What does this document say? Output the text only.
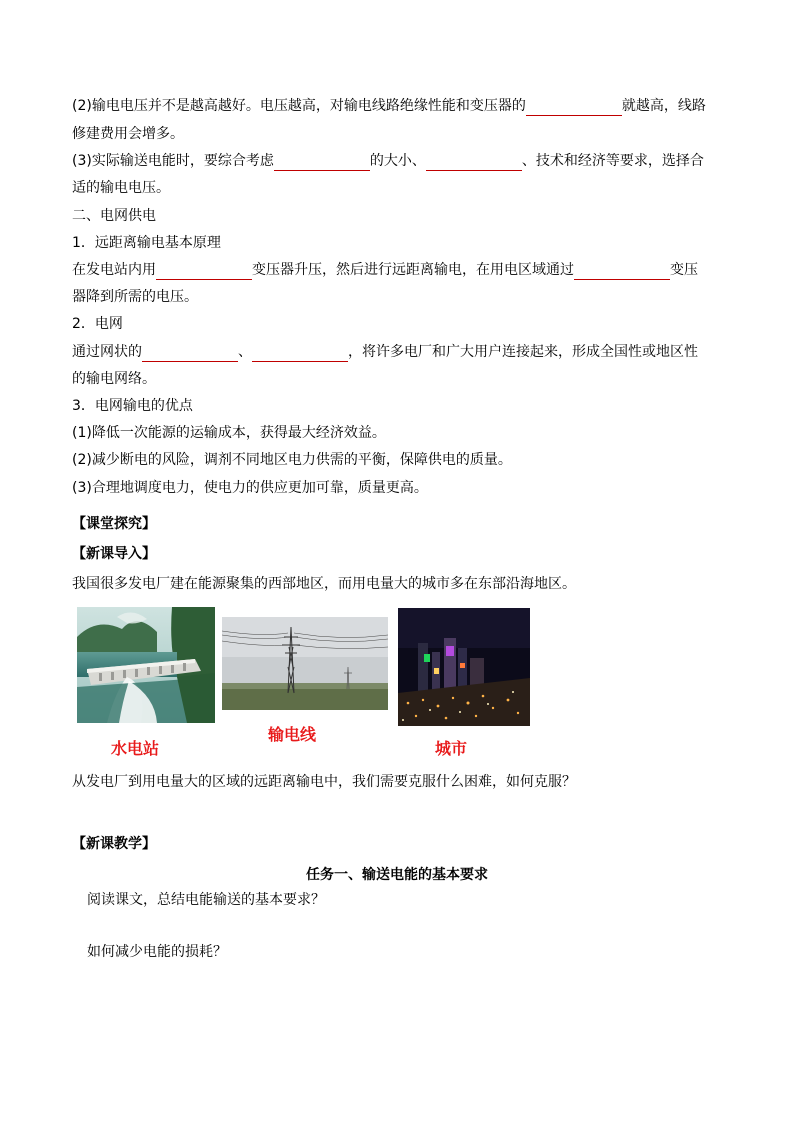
(2)输电电压并不是越高越好。电压越高，对输电线路绝缘性能和变压器的	就越高，线路
修建费用会增多。
(3)实际输送电能时，要综合考虑	的大小、	、技术和经济等要求，选择合
适的输电电压。
二、电网供电
1．远距离输电基本原理
在发电站内用	变压器升压，然后进行远距离输电，在用电区域通过	变压
器降到所需的电压。
2．电网
通过网状的	、	，将许多电厂和广大用户连接起来，形成全国性或地区性
的输电网络。
3．电网输电的优点
(1)降低一次能源的运输成本，获得最大经济效益。
(2)减少断电的风险，调剂不同地区电力供需的平衡，保障供电的质量。
(3)合理地调度电力，使电力的供应更加可靠，质量更高。
【课堂探究】
【新课导入】
我国很多发电厂建在能源聚集的西部地区，而用电量大的城市多在东部沿海地区。
水电站
输电线
城市
从发电厂到用电量大的区域的远距离输电中，我们需要克服什么困难，如何克服？
【新课教学】
任务一、输送电能的基本要求
阅读课文，总结电能输送的基本要求？
如何减少电能的损耗？
